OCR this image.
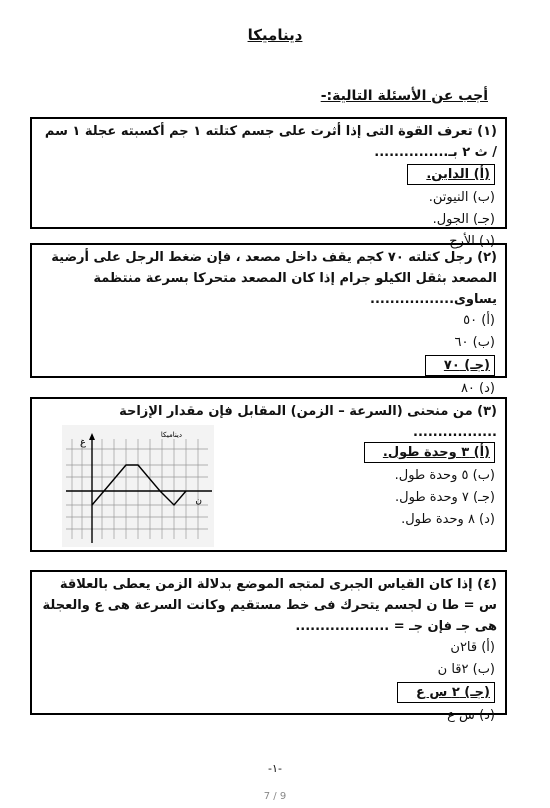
ديناميكا
أجب عن الأسئلة التالية:-
(١) تعرف القوة التى إذا أثرت على جسم كتلته ١ جم أكسبته عجلة ١ سم / ث ٢ بـ...............
(أ) الداين.
(ب) النيوتن.
(جـ) الجول.
(د) الأرج.
(٢) رجل كتلته ٧٠ كجم يقف داخل مصعد ، فإن ضغط الرجل على أرضية المصعد بثقل الكيلو جرام إذا كان المصعد متحركا بسرعة منتظمة يساوى.................
(أ) ٥٠
(ب) ٦٠
(جـ) ٧٠
(د) ٨٠
(٣) من منحنى (السرعة – الزمن) المقابل فإن مقدار الإزاحة .................
(أ) ٣ وحدة طول.
(ب) ٥ وحدة طول.
(جـ) ٧ وحدة طول.
(د) ٨ وحدة طول.
ع
ن
ديناميكا
(٤) إذا كان القياس الجبرى لمتجه الموضع بدلالة الزمن يعطى بالعلاقة س = طا ن لجسم يتحرك فى خط مستقيم وكانت السرعة هى ع والعجلة هى جـ فإن جـ = ...................
(أ) قا٢ن
(ب) ٢قا ن
(جـ) ٢ س ع
(د) س ع
-١-
7 / 9
